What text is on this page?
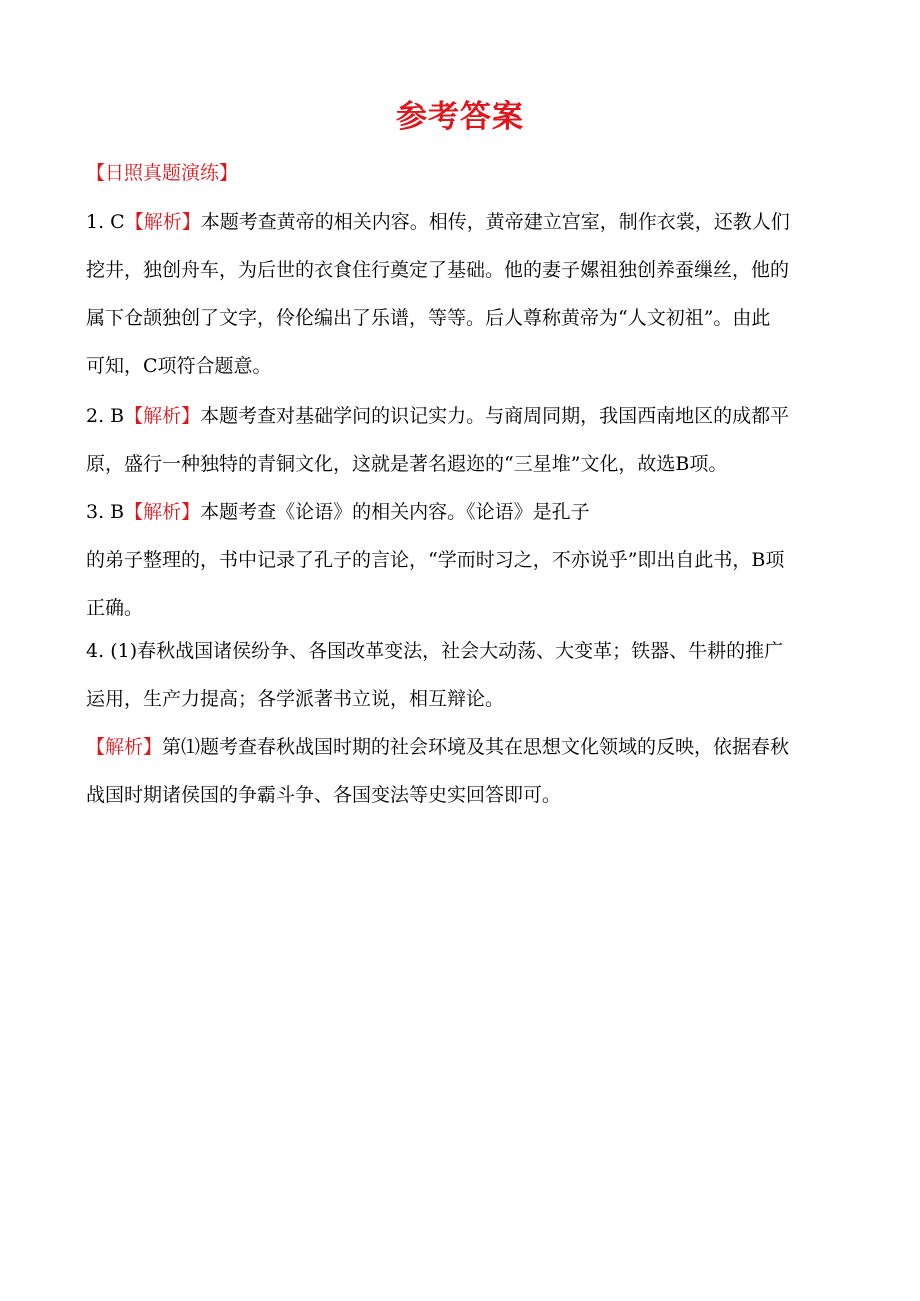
参考答案
【日照真题演练】
1. C【解析】本题考查黄帝的相关内容。相传，黄帝建立宫室，制作衣裳，还教人们
挖井，独创舟车，为后世的衣食住行奠定了基础。他的妻子嫘祖独创养蚕缫丝，他的
属下仓颉独创了文字，伶伦编出了乐谱，等等。后人尊称黄帝为“人文初祖”。由此
可知，C项符合题意。
2. B【解析】本题考查对基础学问的识记实力。与商周同期，我国西南地区的成都平
原，盛行一种独特的青铜文化，这就是著名遐迩的“三星堆”文化，故选B项。
3. B【解析】本题考查《论语》的相关内容。《论语》是孔子
的弟子整理的，书中记录了孔子的言论，“学而时习之，不亦说乎”即出自此书，B项
正确。
4. (1)春秋战国诸侯纷争、各国改革变法，社会大动荡、大变革；铁器、牛耕的推广
运用，生产力提高；各学派著书立说，相互辩论。
【解析】第⑴题考查春秋战国时期的社会环境及其在思想文化领域的反映，依据春秋
战国时期诸侯国的争霸斗争、各国变法等史实回答即可。
